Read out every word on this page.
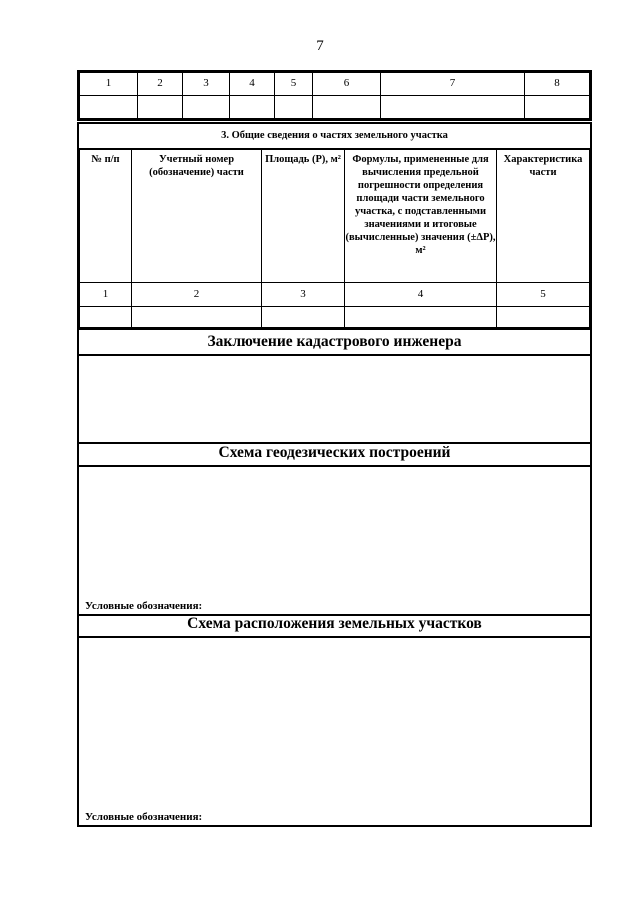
7
1	2	3	4	5	6	7	8

3. Общие сведения о частях земельного участка
№ п/п	Учетный номер (обозначение) части	Площадь (Р), м²	Формулы, примененные для вычисления предельной погрешности определения площади части земельного участка, с подставленными значениями и итоговые (вычисленные) значения (±ΔР), м²	Характеристика части
1	2	3	4	5

Заключение кадастрового инженера
Схема геодезических построений
Условные обозначения:
Схема расположения земельных участков
Условные обозначения:
